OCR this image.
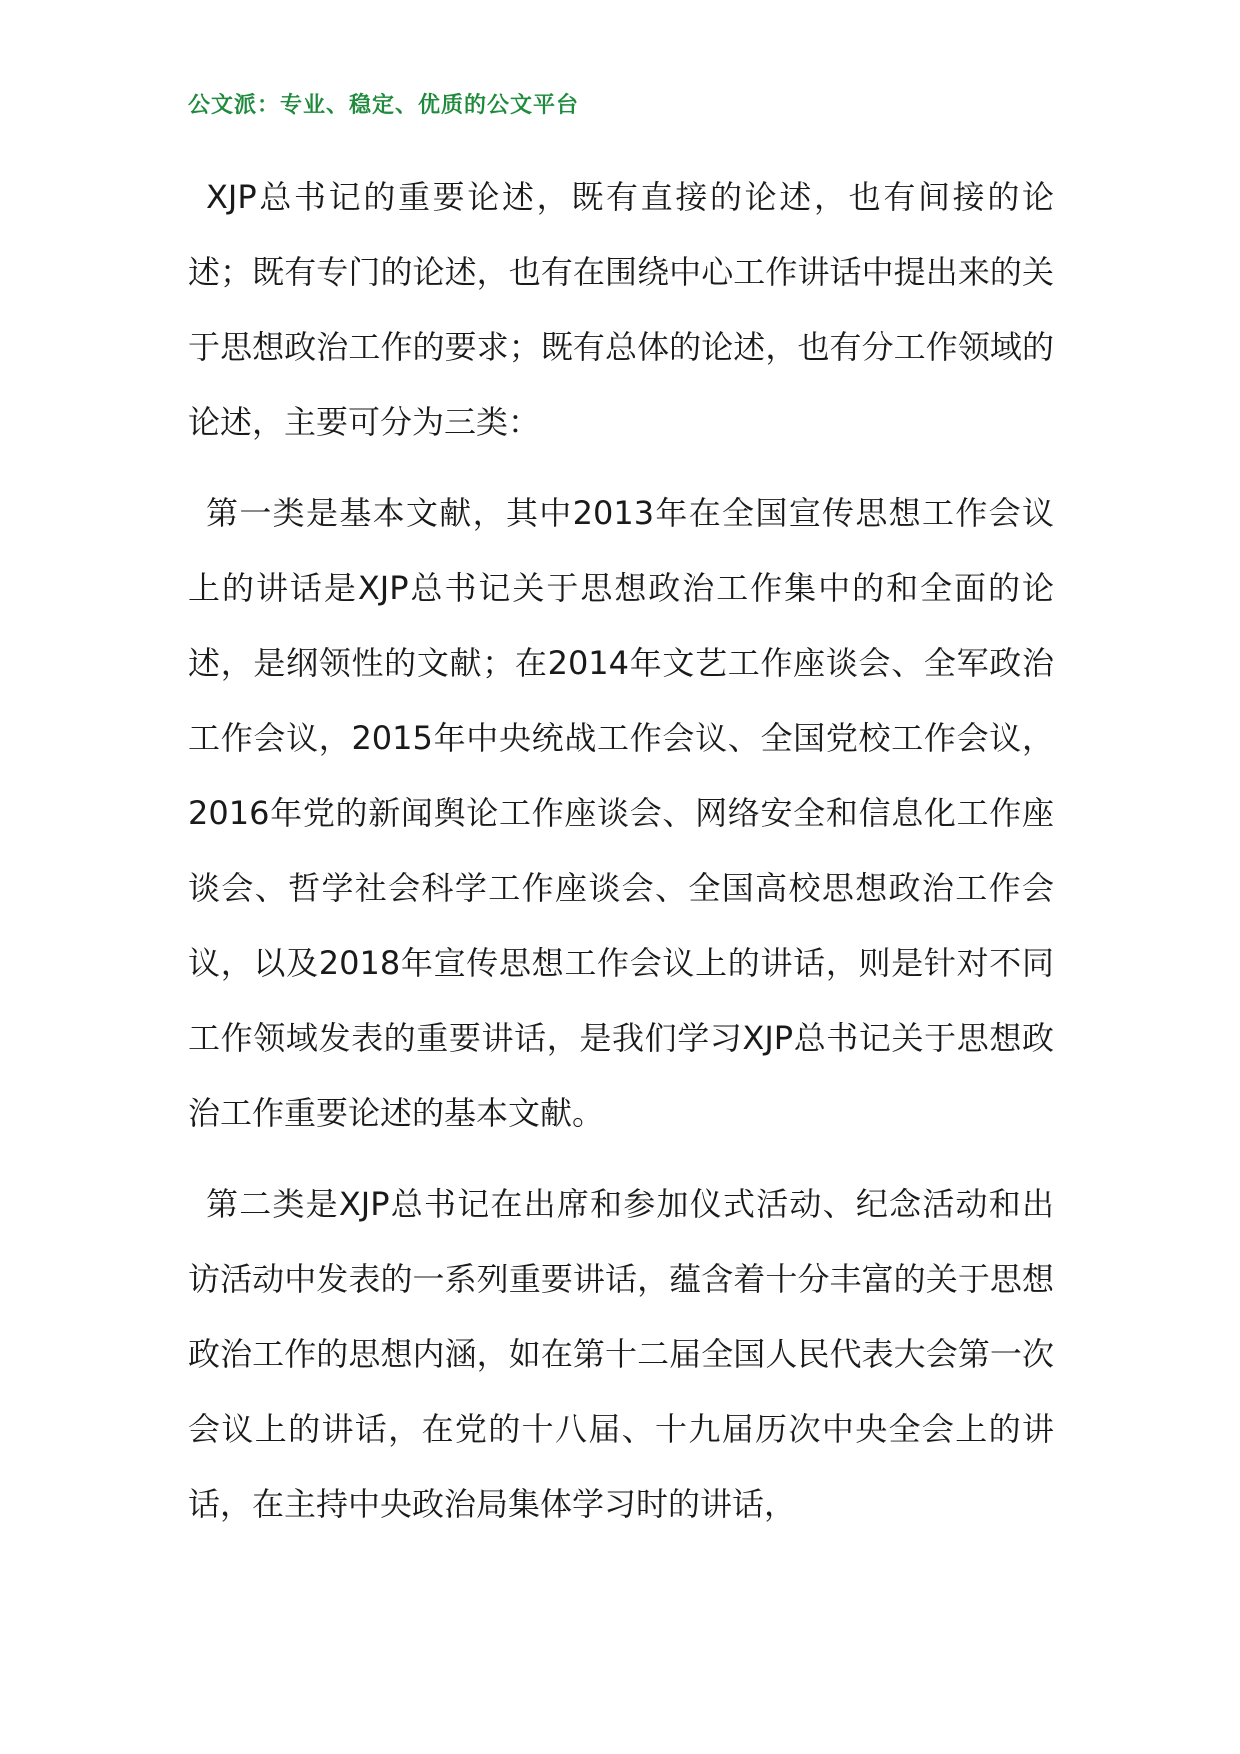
公文派：专业、稳定、优质的公文平台

XJP总书记的重要论述，既有直接的论述，也有间接的论述；既有专门的论述，也有在围绕中心工作讲话中提出来的关于思想政治工作的要求；既有总体的论述，也有分工作领域的论述，主要可分为三类：

第一类是基本文献，其中2013年在全国宣传思想工作会议上的讲话是XJP总书记关于思想政治工作集中的和全面的论述，是纲领性的文献；在2014年文艺工作座谈会、全军政治工作会议，2015年中央统战工作会议、全国党校工作会议，2016年党的新闻舆论工作座谈会、网络安全和信息化工作座谈会、哲学社会科学工作座谈会、全国高校思想政治工作会议，以及2018年宣传思想工作会议上的讲话，则是针对不同工作领域发表的重要讲话，是我们学习XJP总书记关于思想政治工作重要论述的基本文献。

第二类是XJP总书记在出席和参加仪式活动、纪念活动和出访活动中发表的一系列重要讲话，蕴含着十分丰富的关于思想政治工作的思想内涵，如在第十二届全国人民代表大会第一次会议上的讲话，在党的十八届、十九届历次中央全会上的讲话，在主持中央政治局集体学习时的讲话，
